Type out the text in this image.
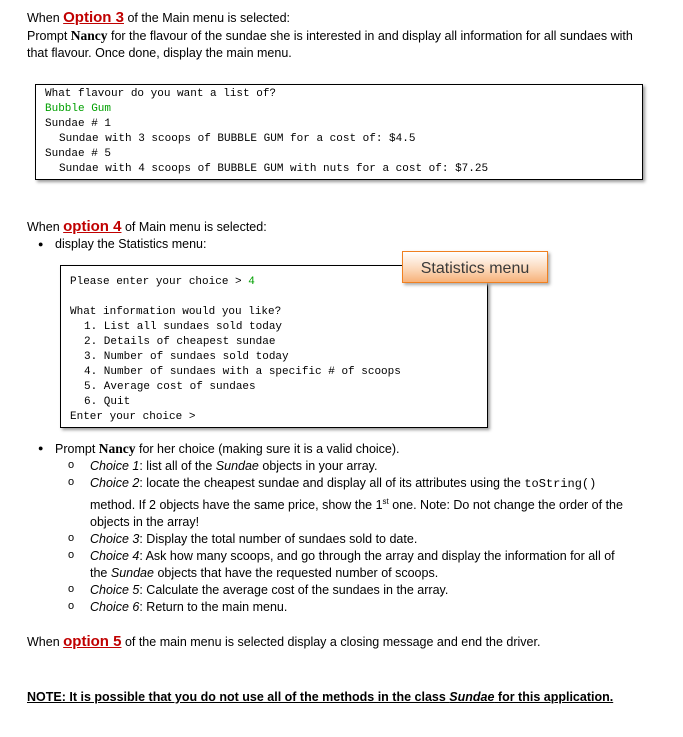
When Option 3 of the Main menu is selected:
Prompt Nancy for the flavour of the sundae she is interested in and display all information for all sundaes with
that flavour. Once done, display the main menu.
What flavour do you want a list of?
Bubble Gum
Sundae # 1
Sundae with 3 scoops of BUBBLE GUM for a cost of: $4.5
Sundae # 5
Sundae with 4 scoops of BUBBLE GUM with nuts for a cost of: $7.25
When option 4 of Main menu is selected:
● display the Statistics menu:
Please enter your choice > 4
What information would you like?
1. List all sundaes sold today
2. Details of cheapest sundae
3. Number of sundaes sold today
4. Number of sundaes with a specific # of scoops
5. Average cost of sundaes
6. Quit
Enter your choice >
Statistics menu
● Prompt Nancy for her choice (making sure it is a valid choice).
o Choice 1: list all of the Sundae objects in your array.
o Choice 2: locate the cheapest sundae and display all of its attributes using the toString()
method. If 2 objects have the same price, show the 1st one. Note: Do not change the order of the
objects in the array!
o Choice 3: Display the total number of sundaes sold to date.
o Choice 4: Ask how many scoops, and go through the array and display the information for all of
the Sundae objects that have the requested number of scoops.
o Choice 5: Calculate the average cost of the sundaes in the array.
o Choice 6: Return to the main menu.
When option 5 of the main menu is selected display a closing message and end the driver.
NOTE: It is possible that you do not use all of the methods in the class Sundae for this application.
